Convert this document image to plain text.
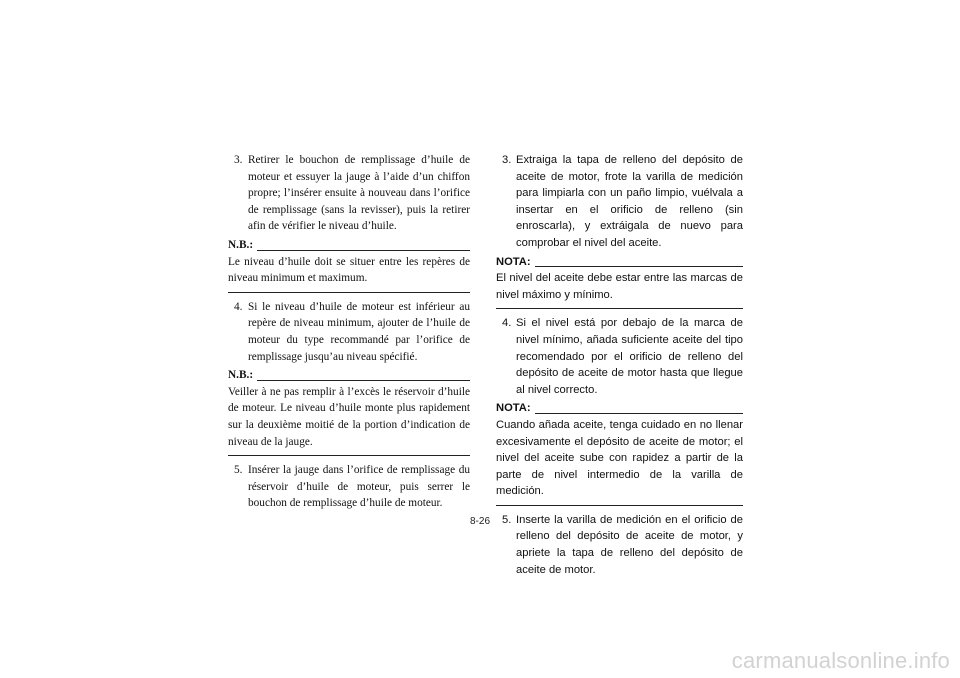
3. Retirer le bouchon de remplissage d’huile de moteur et essuyer la jauge à l’aide d’un chiffon propre; l’insérer ensuite à nouveau dans l’orifice de remplissage (sans la revisser), puis la retirer afin de vérifier le niveau d’huile.
N.B.:
Le niveau d’huile doit se situer entre les repères de niveau minimum et maximum.
4. Si le niveau d’huile de moteur est inférieur au repère de niveau minimum, ajouter de l’huile de moteur du type recommandé par l’orifice de remplissage jusqu’au niveau spécifié.
N.B.:
Veiller à ne pas remplir à l’excès le réservoir d’huile de moteur. Le niveau d’huile monte plus rapidement sur la deuxième moitié de la portion d’indication de niveau de la jauge.
5. Insérer la jauge dans l’orifice de remplissage du réservoir d’huile de moteur, puis serrer le bouchon de remplissage d’huile de moteur.
3. Extraiga la tapa de relleno del depósito de aceite de motor, frote la varilla de medición para limpiarla con un paño limpio, vuélvala a insertar en el orificio de relleno (sin enroscarla), y extráigala de nuevo para comprobar el nivel del aceite.
NOTA:
El nivel del aceite debe estar entre las marcas de nivel máximo y mínimo.
4. Si el nivel está por debajo de la marca de nivel mínimo, añada suficiente aceite del tipo recomendado por el orificio de relleno del depósito de aceite de motor hasta que llegue al nivel correcto.
NOTA:
Cuando añada aceite, tenga cuidado en no llenar excesivamente el depósito de aceite de motor; el nivel del aceite sube con rapidez a partir de la parte de nivel intermedio de la varilla de medición.
5. Inserte la varilla de medición en el orificio de relleno del depósito de aceite de motor, y apriete la tapa de relleno del depósito de aceite de motor.
8-26
carmanualsonline.info
